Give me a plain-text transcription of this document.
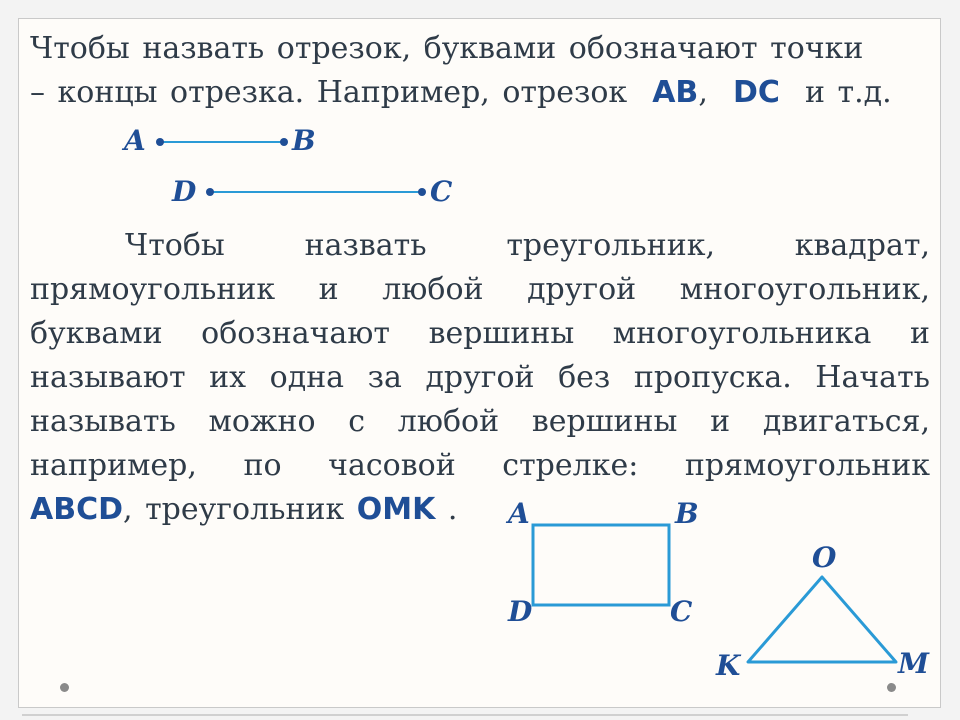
Чтобы назвать отрезок, буквами обозначают точки
– концы отрезка. Например, отрезок АВ, DC и т.д.

Чтобы назвать треугольник, квадрат,
прямоугольник и любой другой многоугольник,
буквами обозначают вершины многоугольника и
называют их одна за другой без пропуска. Начать
называть можно с любой вершины и двигаться,
например, по часовой стрелке: прямоугольник
ABCD, треугольник OMK .

A	B
D	C
A	B
D	C
O
K	M
